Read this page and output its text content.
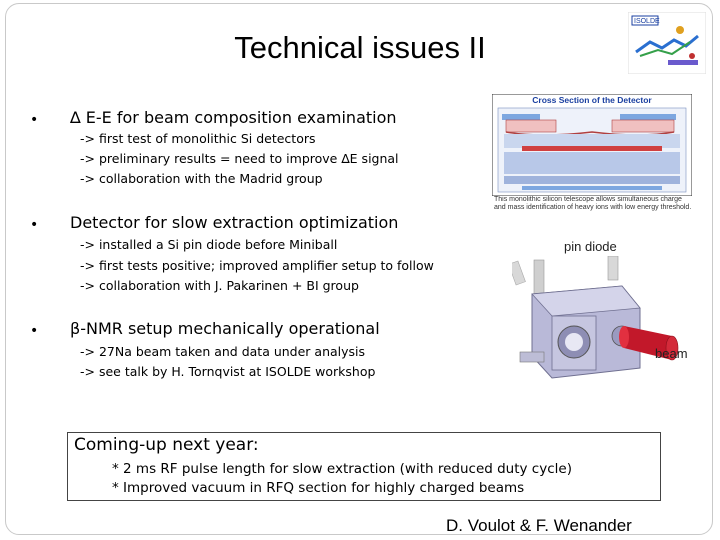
Technical issues II
ISOLDE
• ∆ E-E for beam composition examination
-> first test of monolithic Si detectors
-> preliminary results = need to improve ∆E signal
-> collaboration with the Madrid group
• Detector for slow extraction optimization
-> installed a Si pin diode before Miniball
-> first tests positive; improved amplifier setup to follow
-> collaboration with J. Pakarinen + BI group
• β-NMR setup mechanically operational
-> 27Na beam taken and data under analysis
-> see talk by H. Tornqvist at ISOLDE workshop
Cross Section of the Detector
This monolithic silicon telescope allows simultaneous charge and mass identification of heavy ions with low energy threshold.
pin diode
beam
Coming-up next year:
* 2 ms RF pulse length for slow extraction (with reduced duty cycle)
* Improved vacuum in RFQ section for highly charged beams
D. Voulot & F. Wenander
